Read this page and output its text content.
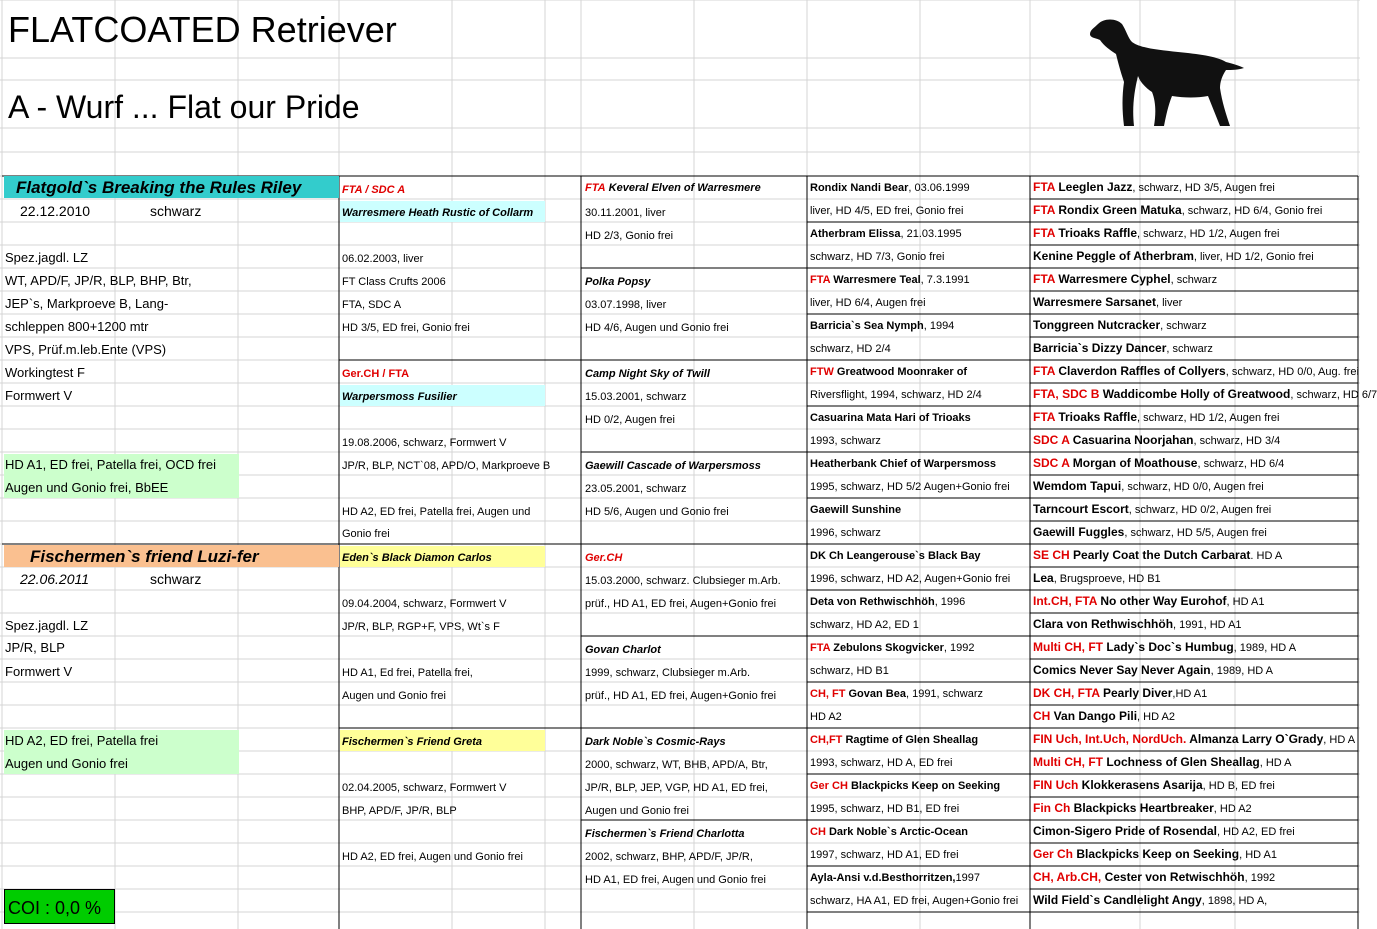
FLATCOATED Retriever
A - Wurf ... Flat our Pride
Flatgold`s Breaking the Rules Riley
22.12.2010	schwarz
Spez.jagdl. LZ
WT, APD/F, JP/R, BLP, BHP, Btr,
JEP`s, Markproeve B, Lang-
schleppen 800+1200 mtr
VPS, Prüf.m.leb.Ente (VPS)
Workingtest F
Formwert V
HD A1, ED frei, Patella frei, OCD frei
Augen und Gonio frei, BbEE
Fischermen`s friend Luzi-fer
22.06.2011	schwarz
Spez.jagdl. LZ
JP/R, BLP
Formwert V
HD A2, ED frei, Patella frei
Augen und Gonio frei
COI : 0,0 %
FTA / SDC A
Warresmere Heath Rustic of Collarm
06.02.2003, liver
FT Class Crufts 2006
FTA, SDC A
HD 3/5, ED frei, Gonio frei
Ger.CH / FTA
Warpersmoss Fusilier
19.08.2006, schwarz, Formwert V
JP/R, BLP, NCT`08, APD/O, Markproeve B
HD A2, ED frei, Patella frei, Augen und
Gonio frei
Eden`s Black Diamon Carlos
09.04.2004, schwarz, Formwert V
JP/R, BLP, RGP+F, VPS, Wt`s F
HD A1, Ed frei, Patella frei,
Augen und Gonio frei
Fischermen`s Friend Greta
02.04.2005, schwarz, Formwert V
BHP, APD/F, JP/R, BLP
HD A2, ED frei, Augen und Gonio frei
FTA Keveral Elven of Warresmere
30.11.2001, liver
HD 2/3, Gonio frei
Polka Popsy
03.07.1998, liver
HD 4/6, Augen und Gonio frei
Camp Night Sky of Twill
15.03.2001, schwarz
HD 0/2, Augen frei
Gaewill Cascade of Warpersmoss
23.05.2001, schwarz
HD 5/6, Augen und Gonio frei
Ger.CH
15.03.2000, schwarz. Clubsieger m.Arb.
prüf., HD A1, ED frei, Augen+Gonio frei
Govan Charlot
1999, schwarz, Clubsieger m.Arb.
prüf., HD A1, ED frei, Augen+Gonio frei
Dark Noble`s Cosmic-Rays
2000, schwarz, WT, BHB, APD/A, Btr,
JP/R, BLP, JEP, VGP, HD A1, ED frei,
Augen und Gonio frei
Fischermen`s Friend Charlotta
2002, schwarz, BHP, APD/F, JP/R,
HD A1, ED frei, Augen und Gonio frei
Rondix Nandi Bear, 03.06.1999
liver, HD 4/5, ED frei, Gonio frei
Atherbram Elissa, 21.03.1995
schwarz, HD 7/3, Gonio frei
FTA Warresmere Teal, 7.3.1991
liver, HD 6/4, Augen frei
Barricia`s Sea Nymph, 1994
schwarz, HD 2/4
FTW Greatwood Moonraker of
Riversflight, 1994, schwarz, HD 2/4
Casuarina Mata Hari of Trioaks
1993, schwarz
Heatherbank Chief of Warpersmoss
1995, schwarz, HD 5/2 Augen+Gonio frei
Gaewill Sunshine
1996, schwarz
DK Ch Leangerouse`s Black Bay
1996, schwarz, HD A2, Augen+Gonio frei
Deta von Rethwischhöh, 1996
schwarz, HD A2, ED 1
FTA Zebulons Skogvicker, 1992
schwarz, HD B1
CH, FT Govan Bea, 1991, schwarz
HD A2
CH,FT Ragtime of Glen Sheallag
1993, schwarz, HD A, ED frei
Ger CH Blackpicks Keep on Seeking
1995, schwarz, HD B1, ED frei
CH Dark Noble`s Arctic-Ocean
1997, schwarz, HD A1, ED frei
Ayla-Ansi v.d.Besthorritzen,1997
schwarz, HA A1, ED frei, Augen+Gonio frei
FTA Leeglen Jazz, schwarz, HD 3/5, Augen frei
FTA Rondix Green Matuka, schwarz, HD 6/4, Gonio frei
FTA Trioaks Raffle, schwarz, HD 1/2, Augen frei
Kenine Peggle of Atherbram, liver, HD 1/2, Gonio frei
FTA Warresmere Cyphel, schwarz
Warresmere Sarsanet, liver
Tonggreen Nutcracker, schwarz
Barricia`s Dizzy Dancer, schwarz
FTA Claverdon Raffles of Collyers, schwarz, HD 0/0, Aug. frei
FTA, SDC B Waddicombe Holly of Greatwood, schwarz, HD 6/7
FTA Trioaks Raffle, schwarz, HD 1/2, Augen frei
SDC A Casuarina Noorjahan, schwarz, HD 3/4
SDC A Morgan of Moathouse, schwarz, HD 6/4
Wemdom Tapui, schwarz, HD 0/0, Augen frei
Tarncourt Escort, schwarz, HD 0/2, Augen frei
Gaewill Fuggles, schwarz, HD 5/5, Augen frei
SE CH Pearly Coat the Dutch Carbarat. HD A
Lea, Brugsproeve, HD B1
Int.CH, FTA No other Way Eurohof, HD A1
Clara von Rethwischhöh, 1991, HD A1
Multi CH, FT Lady`s Doc`s Humbug, 1989, HD A
Comics Never Say Never Again, 1989, HD A
DK CH, FTA Pearly Diver,HD A1
CH Van Dango Pili, HD A2
FIN Uch, Int.Uch, NordUch. Almanza Larry O`Grady, HD A
Multi CH, FT Lochness of Glen Sheallag, HD A
FIN Uch Klokkerasens Asarija, HD B, ED frei
Fin Ch Blackpicks Heartbreaker, HD A2
Cimon-Sigero Pride of Rosendal, HD A2, ED frei
Ger Ch Blackpicks Keep on Seeking, HD A1
CH, Arb.CH, Cester von Retwischhöh, 1992
Wild Field`s Candlelight Angy, 1898, HD A,
